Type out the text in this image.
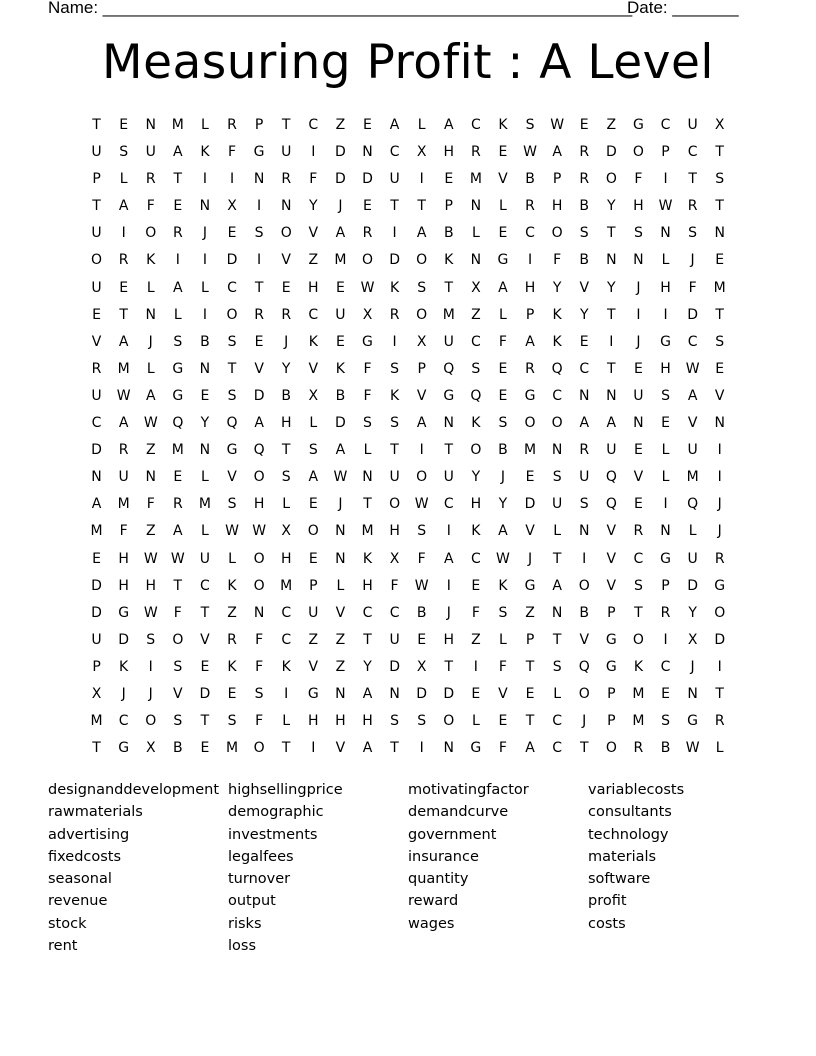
Name: ________________________________________________________
Date: _______
Measuring Profit : A Level
T	E	N	M	L	R	P	T	C	Z	E	A	L	A	C	K	S	W	E	Z	G	C	U	X
U	S	U	A	K	F	G	U	I	D	N	C	X	H	R	E	W	A	R	D	O	P	C	T
P	L	R	T	I	I	N	R	F	D	D	U	I	E	M	V	B	P	R	O	F	I	T	S
T	A	F	E	N	X	I	N	Y	J	E	T	T	P	N	L	R	H	B	Y	H	W	R	T
U	I	O	R	J	E	S	O	V	A	R	I	A	B	L	E	C	O	S	T	S	N	S	N
O	R	K	I	I	D	I	V	Z	M	O	D	O	K	N	G	I	F	B	N	N	L	J	E
U	E	L	A	L	C	T	E	H	E	W	K	S	T	X	A	H	Y	V	Y	J	H	F	M
E	T	N	L	I	O	R	R	C	U	X	R	O	M	Z	L	P	K	Y	T	I	I	D	T
V	A	J	S	B	S	E	J	K	E	G	I	X	U	C	F	A	K	E	I	J	G	C	S
R	M	L	G	N	T	V	Y	V	K	F	S	P	Q	S	E	R	Q	C	T	E	H	W	E
U	W	A	G	E	S	D	B	X	B	F	K	V	G	Q	E	G	C	N	N	U	S	A	V
C	A	W	Q	Y	Q	A	H	L	D	S	S	A	N	K	S	O	O	A	A	N	E	V	N
D	R	Z	M	N	G	Q	T	S	A	L	T	I	T	O	B	M	N	R	U	E	L	U	I
N	U	N	E	L	V	O	S	A	W	N	U	O	U	Y	J	E	S	U	Q	V	L	M	I
A	M	F	R	M	S	H	L	E	J	T	O	W	C	H	Y	D	U	S	Q	E	I	Q	J
M	F	Z	A	L	W W	X	O	N	M	H	S	I	K	A	V	L	N	V	R	N	L	J
E	H	W W	U	L	O	H	E	N	K	X	F	A	C	W	J	T	I	V	C	G	U	R
D	H	H	T	C	K	O	M	P	L	H	F	W	I	E	K	G	A	O	V	S	P	D	G
D	G	W	F	T	Z	N	C	U	V	C	C	B	J	F	S	Z	N	B	P	T	R	Y	O
U	D	S	O	V	R	F	C	Z	Z	T	U	E	H	Z	L	P	T	V	G	O	I	X	D
P	K	I	S	E	K	F	K	V	Z	Y	D	X	T	I	F	T	S	Q	G	K	C	J	I
X	J	J	V	D	E	S	I	G	N	A	N	D	D	E	V	E	L	O	P	M	E	N	T
M	C	O	S	T	S	F	L	H	H	H	S	S	O	L	E	T	C	J	P	M	S	G	R
T	G	X	B	E	M	O	T	I	V	A	T	I	N	G	F	A	C	T	O	R	B	W	L
designanddevelopment
rawmaterials
advertising
fixedcosts
seasonal
revenue
stock
rent
highsellingprice
demographic
investments
legalfees
turnover
output
risks
loss
motivatingfactor
demandcurve
government
insurance
quantity
reward
wages
variablecosts
consultants
technology
materials
software
profit
costs
